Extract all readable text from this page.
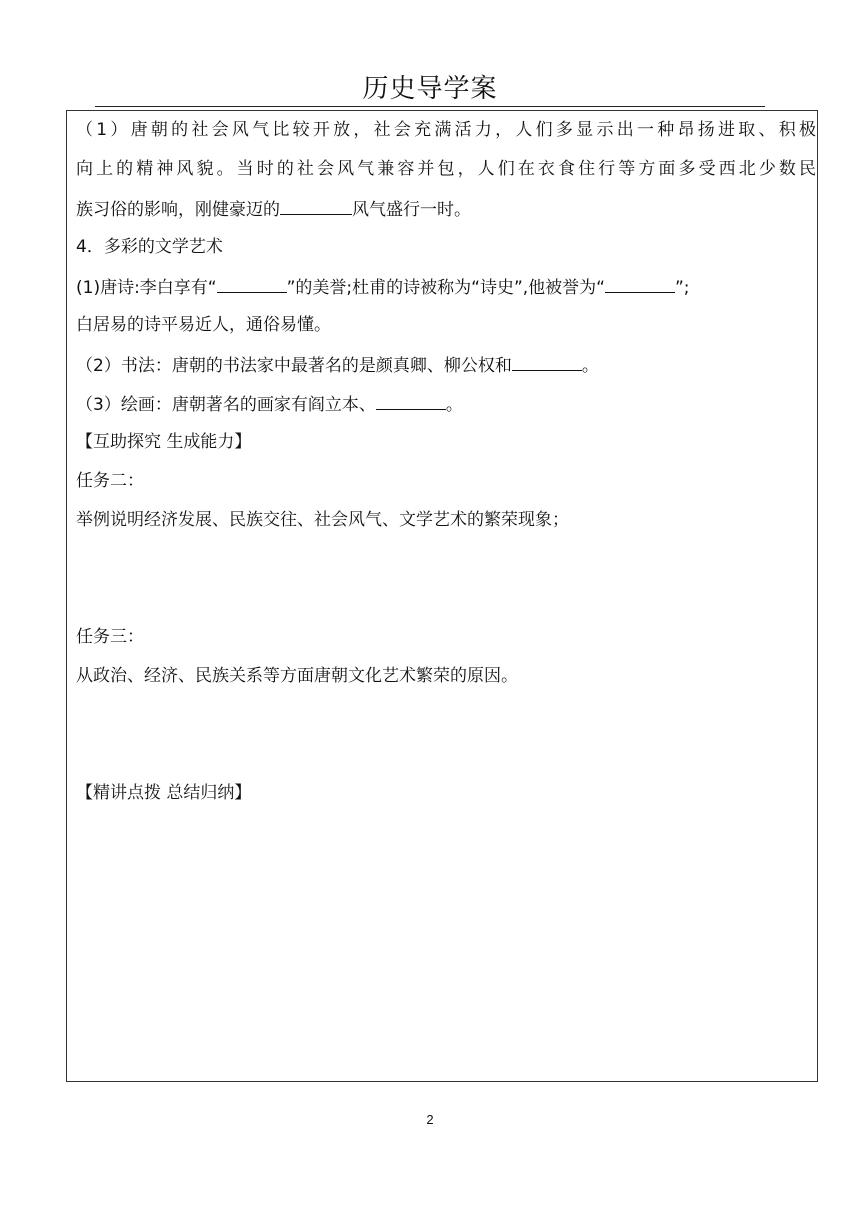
历史导学案
（1）唐朝的社会风气比较开放，社会充满活力，人们多显示出一种昂扬进取、积极
向上的精神风貌。当时的社会风气兼容并包，人们在衣食住行等方面多受西北少数民
族习俗的影响，刚健豪迈的	风气盛行一时。
4．多彩的文学艺术
(1)唐诗:李白享有“	”的美誉;杜甫的诗被称为“诗史”,他被誉为“	”;
白居易的诗平易近人，通俗易懂。
（2）书法：唐朝的书法家中最著名的是颜真卿、柳公权和	。
（3）绘画：唐朝著名的画家有阎立本、	。
【互助探究 生成能力】
任务二：
举例说明经济发展、民族交往、社会风气、文学艺术的繁荣现象；
任务三：
从政治、经济、民族关系等方面唐朝文化艺术繁荣的原因。
【精讲点拨 总结归纳】
2
